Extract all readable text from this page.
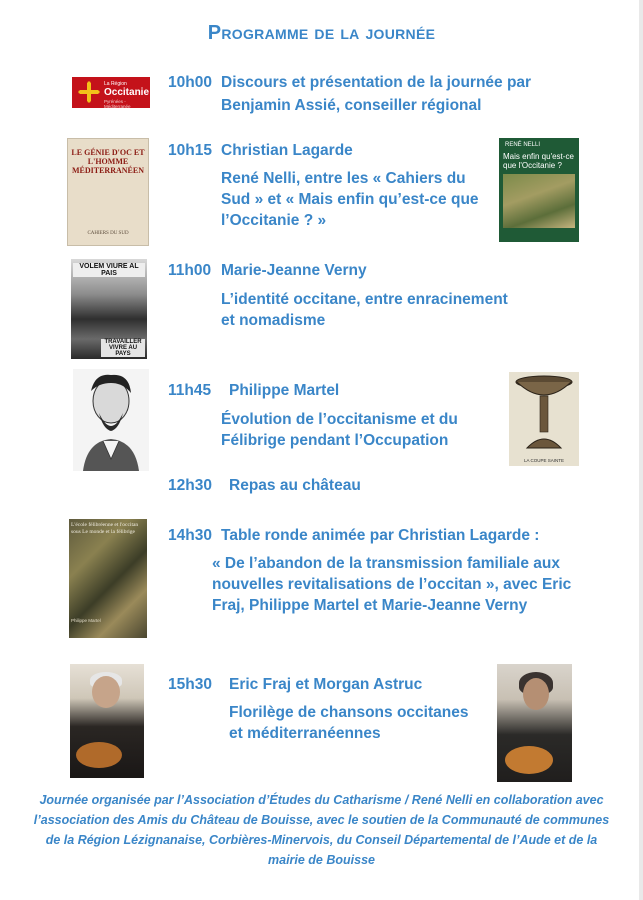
Programme de la journée
La Région
Occitanie
Pyrénées - Méditerranée
10h00 Discours et présentation de la journée par
Benjamin Assié, conseiller régional
LE GÉNIE D'OC ET L'HOMME MÉDITERRANÉEN
CAHIERS DU SUD
10h15 Christian Lagarde
René Nelli, entre les « Cahiers du Sud » et « Mais enfin qu’est-ce que l’Occitanie ? »
RENÉ NELLI
Mais enfin qu'est-ce que l'Occitanie ?
VOLEM VIURE AL PAIS
TRAVAILLER VIVRE AU PAYS
11h00 Marie-Jeanne Verny
L’identité occitane, entre enracinement et nomadisme
11h45 Philippe Martel
Évolution de l’occitanisme et du Félibrige pendant l’Occupation
LA COUPE SAINTE
12h30 Repas au château
L'école félibréenne et l'occitan sous Le monde et la félibrige
Philippe Martel
14h30 Table ronde animée par Christian Lagarde :
« De l’abandon de la transmission familiale aux nouvelles revitalisations de l’occitan », avec Eric Fraj, Philippe Martel et Marie-Jeanne Verny
15h30 Eric Fraj et Morgan Astruc
Florilège de chansons occitanes et méditerranéennes
Journée organisée par l’Association d’Études du Catharisme / René Nelli en collaboration avec l’association des Amis du Château de Bouisse, avec le soutien de la Communauté de communes de la Région Lézignanaise, Corbières-Minervois, du Conseil Départemental de l’Aude et de la mairie de Bouisse
